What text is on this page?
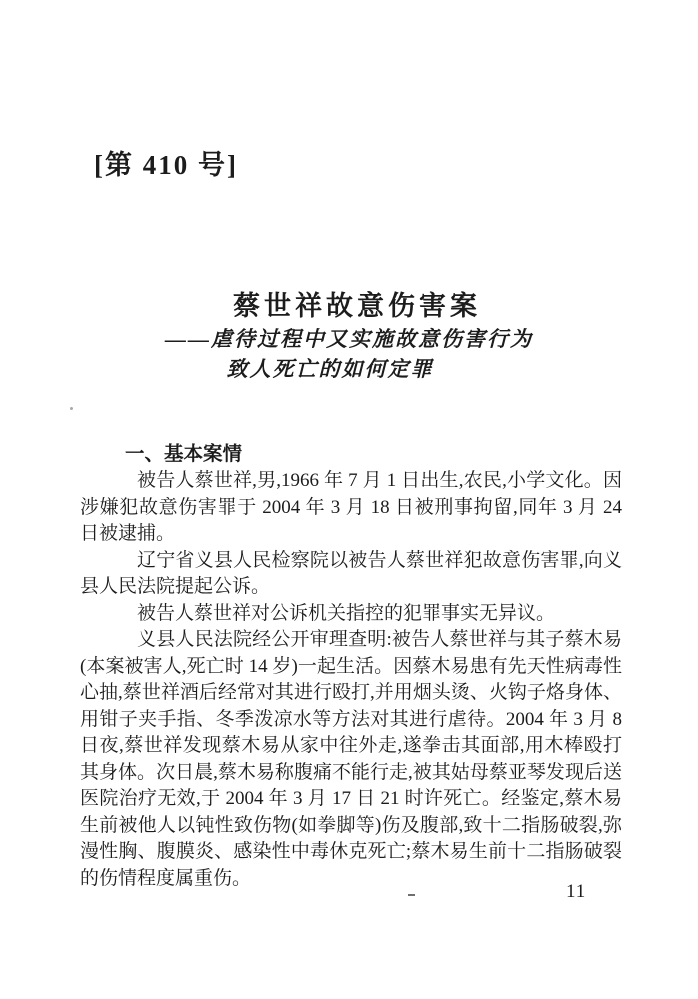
[第 410 号]
蔡世祥故意伤害案
——虐待过程中又实施故意伤害行为
致人死亡的如何定罪
一、基本案情

被告人蔡世祥,男,1966 年 7 月 1 日出生,农民,小学文化。因涉嫌犯故意伤害罪于 2004 年 3 月 18 日被刑事拘留,同年 3 月 24 日被逮捕。

辽宁省义县人民检察院以被告人蔡世祥犯故意伤害罪,向义县人民法院提起公诉。

被告人蔡世祥对公诉机关指控的犯罪事实无异议。

义县人民法院经公开审理查明:被告人蔡世祥与其子蔡木易(本案被害人,死亡时 14 岁)一起生活。因蔡木易患有先天性病毒性心抽,蔡世祥酒后经常对其进行殴打,并用烟头烫、火钩子烙身体、用钳子夹手指、冬季泼凉水等方法对其进行虐待。2004 年 3 月 8 日夜,蔡世祥发现蔡木易从家中往外走,遂拳击其面部,用木棒殴打其身体。次日晨,蔡木易称腹痛不能行走,被其姑母蔡亚琴发现后送医院治疗无效,于 2004 年 3 月 17 日 21 时许死亡。经鉴定,蔡木易生前被他人以钝性致伤物(如拳脚等)伤及腹部,致十二指肠破裂,弥漫性胸、腹膜炎、感染性中毒休克死亡;蔡木易生前十二指肠破裂的伤情程度属重伤。

11
